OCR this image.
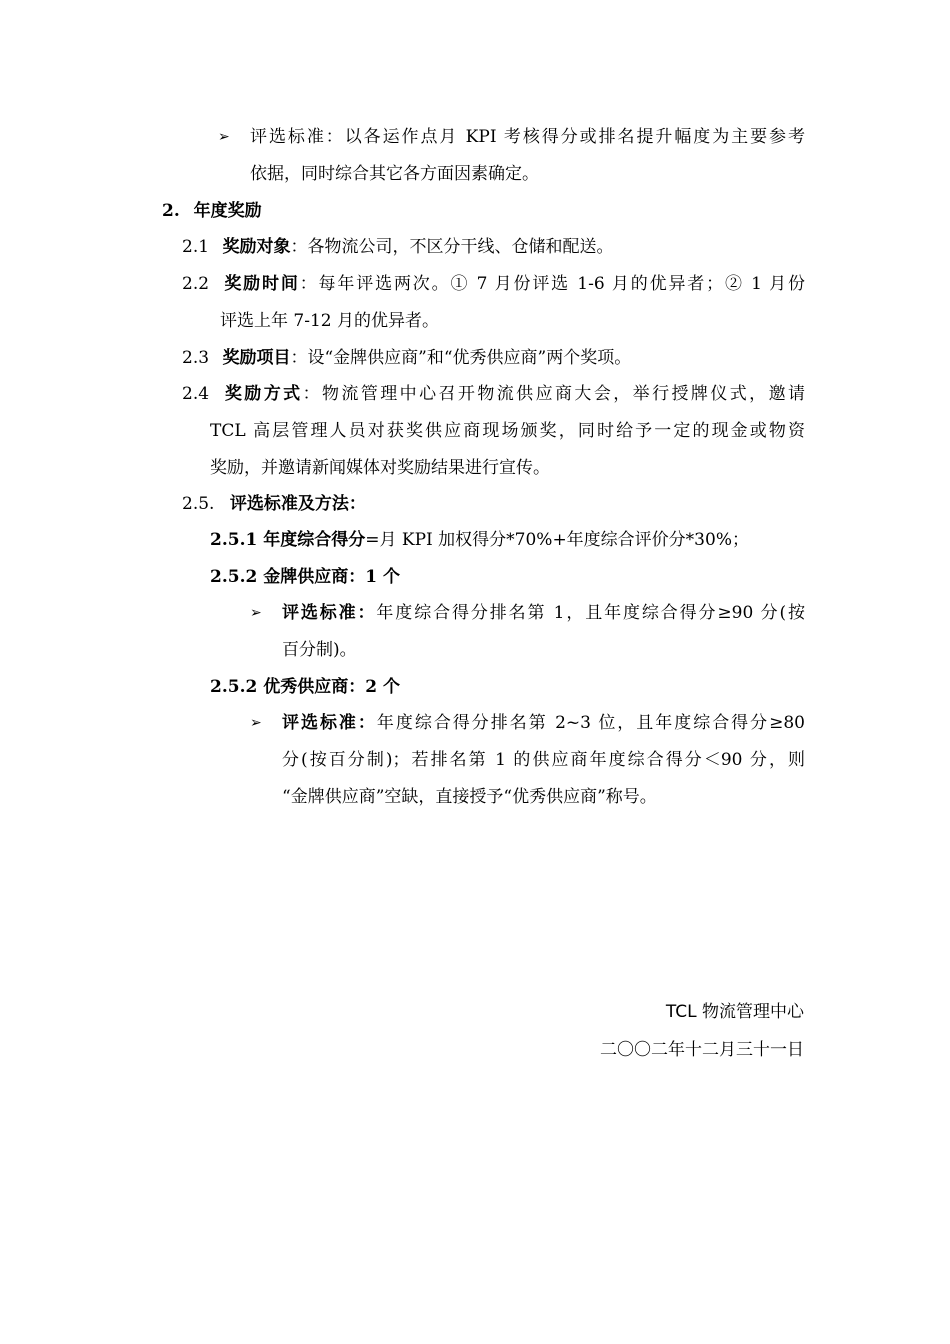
➢ 评选标准：以各运作点月 KPI 考核得分或排名提升幅度为主要参考
依据，同时综合其它各方面因素确定。
2. 年度奖励
2.1 奖励对象：各物流公司，不区分干线、仓储和配送。
2.2 奖励时间：每年评选两次。① 7 月份评选 1-6 月的优异者；② 1 月份
评选上年 7-12 月的优异者。
2.3 奖励项目：设“金牌供应商”和“优秀供应商”两个奖项。
2.4 奖励方式：物流管理中心召开物流供应商大会，举行授牌仪式，邀请
TCL 高层管理人员对获奖供应商现场颁奖，同时给予一定的现金或物资
奖励，并邀请新闻媒体对奖励结果进行宣传。
2.5. 评选标准及方法：
2.5.1 年度综合得分=月 KPI 加权得分*70%+年度综合评价分*30%；
2.5.2 金牌供应商：1 个
➢ 评选标准：年度综合得分排名第 1，且年度综合得分≥90 分(按
百分制)。
2.5.2 优秀供应商：2 个
➢ 评选标准：年度综合得分排名第 2~3 位，且年度综合得分≥80
分(按百分制)；若排名第 1 的供应商年度综合得分＜90 分，则
“金牌供应商”空缺，直接授予“优秀供应商”称号。
TCL 物流管理中心
二〇〇二年十二月三十一日
